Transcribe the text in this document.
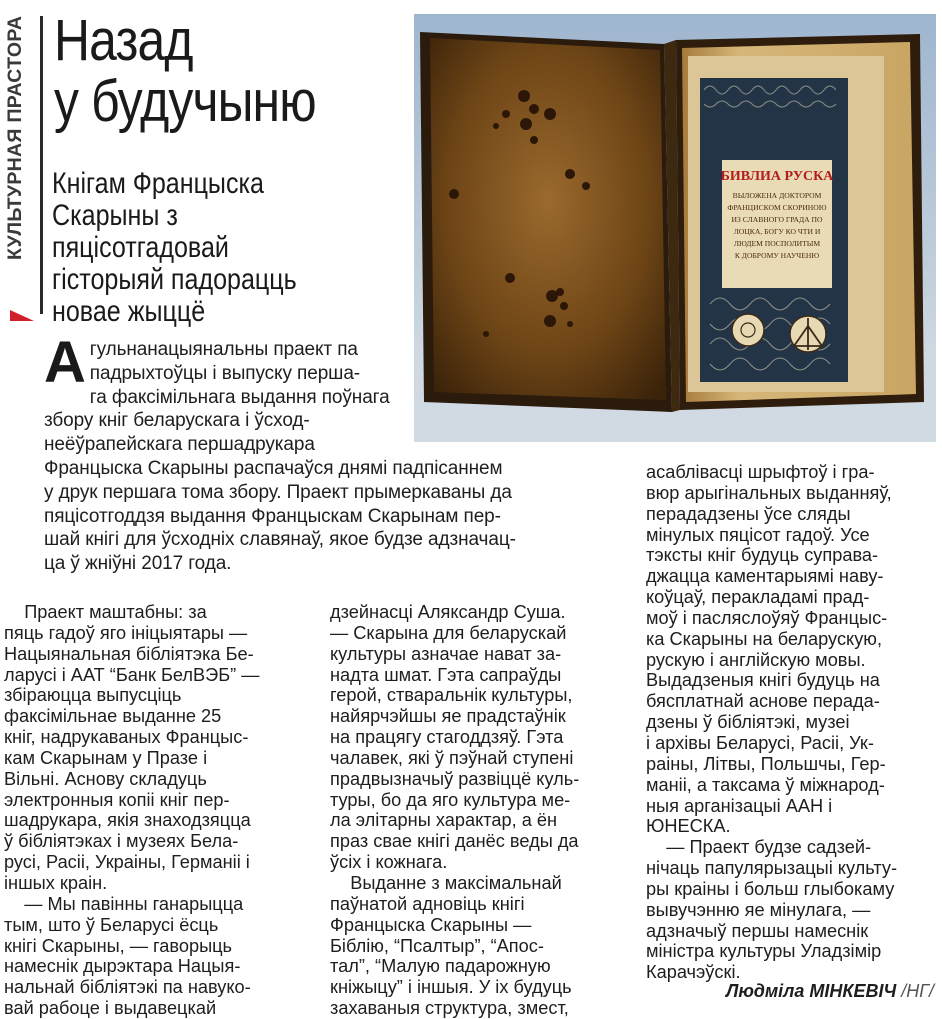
КУЛЬТУРНАЯ ПРАСТОРА Назад
у будучыню
Кнігам Францыска
Скарыны з
пяцісотгадовай
гісторыяй падорацць
новае жыццё
БИВЛИА РУСКА
ВЫЛОЖЕНА ДОКТОРОМ
ФРАНЦИСКОМ СКОРИНОЮ
ИЗ СЛАВНОГО ГРАДА ПО
ЛОЦКА, БОГУ КО ЧТИ И
ЛЮДЕМ ПОСПОЛИТЫМ
К ДОБРОМУ НАУЧЕНЮ
А гульнанацыянальны праект па
падрыхтоўцы і выпуску перша-
га факсімільнага выдання поўнага
збору кніг беларускага і ўсход-
неёўрапейскага першадрукара
Францыска Скарыны распачаўся днямі падпісаннем
у друк першага тома збору. Праект прымеркаваны да
пяцісотгоддзя выдання Францыскам Скарынам пер-
шай кнігі для ўсходніх славянаў, якое будзе адзначац-
ца ў жніўні 2017 года.

Праект маштабны: за

пяць гадоў яго ініцыятары —

Нацыянальная бібліятэка Бе-

ларусі і ААТ “Банк БелВЭБ” —

збіраюцца выпусціць

факсімільнае выданне 25

кніг, надрукаваных Францыс-

кам Скарынам у Празе і

Вільні. Аснову складуць

электронныя копіі кніг пер-

шадрукара, якія знаходзяцца

ў бібліятэках і музеях Бела-

русі, Расіі, Украіны, Германіі і

іншых краін.

— Мы павінны ганарыцца

тым, што ў Беларусі ёсць

кнігі Скарыны, — гаворыць

намеснік дырэктара Нацыя-

нальнай бібліятэкі па навуко-

вай рабоце і выдавецкай

дзейнасці Аляксандр Суша.

— Скарына для беларускай

культуры азначае нават за-

надта шмат. Гэта сапраўды

герой, стваральнік культуры,

найярчэйшы яе прадстаўнік

на працягу стагоддзяў. Гэта

чалавек, які ў пэўнай ступені

прадвызначыў развіццё куль-

туры, бо да яго культура ме-

ла элітарны характар, а ён

праз свае кнігі данёс веды да

ўсіх і кожнага.

Выданне з максімальнай

паўнатой адновіць кнігі

Францыска Скарыны —

Біблію, “Псалтыр”, “Апос-

тал”, “Малую падарожную

кніжыцу” і іншыя. У іх будуць

захаваныя структура, змест,

асаблівасці шрыфтоў і гра-

вюр арыгінальных выданняў,

перададзены ўсе сляды

мінулых пяцісот гадоў. Усе

тэксты кніг будуць суправа-

джацца каментарыямі наву-

коўцаў, перакладамі прад-

моў і пасляслоўяў Францыс-

ка Скарыны на беларускую,

рускую і англійскую мовы.

Выдадзеныя кнігі будуць на

бясплатнай аснове перада-

дзены ў бібліятэкі, музеі

і архівы Беларусі, Расіі, Ук-

раіны, Літвы, Польшчы, Гер-

маніі, а таксама ў міжнарод-

ныя арганізацыі ААН і

ЮНЕСКА.

— Праект будзе садзей-

нічаць папулярызацыі культу-

ры краіны і больш глыбокаму

вывучэнню яе мінулага, —

адзначыў першы намеснік

міністра культуры Уладзімір

Карачэўскі.

Людміла МІНКЕВІЧ /НГ/
